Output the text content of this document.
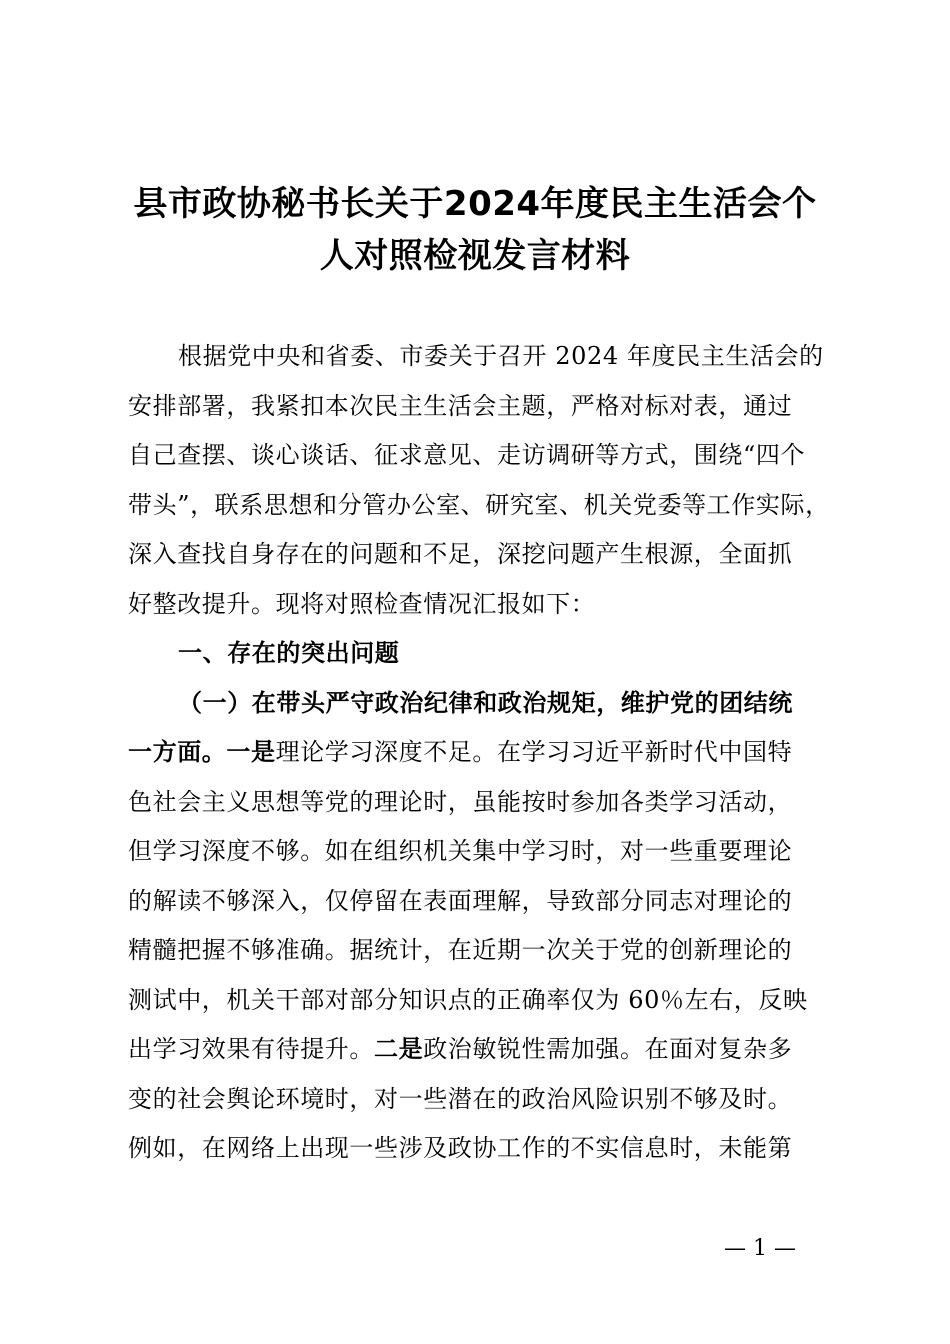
县市政协秘书长关于2024年度民主生活会个
人对照检视发言材料
根据党中央和省委、市委关于召开 2024 年度民主生活会的
安排部署，我紧扣本次民主生活会主题，严格对标对表，通过
自己查摆、谈心谈话、征求意见、走访调研等方式，围绕“四个
带头”，联系思想和分管办公室、研究室、机关党委等工作实际，
深入查找自身存在的问题和不足，深挖问题产生根源，全面抓
好整改提升。现将对照检查情况汇报如下：
一、存在的突出问题
（一）在带头严守政治纪律和政治规矩，维护党的团结统
一方面。一是理论学习深度不足。在学习习近平新时代中国特
色社会主义思想等党的理论时，虽能按时参加各类学习活动，
但学习深度不够。如在组织机关集中学习时，对一些重要理论
的解读不够深入，仅停留在表面理解，导致部分同志对理论的
精髓把握不够准确。据统计，在近期一次关于党的创新理论的
测试中，机关干部对部分知识点的正确率仅为 60％左右，反映
出学习效果有待提升。二是政治敏锐性需加强。在面对复杂多
变的社会舆论环境时，对一些潜在的政治风险识别不够及时。
例如，在网络上出现一些涉及政协工作的不实信息时，未能第
— 1 —
